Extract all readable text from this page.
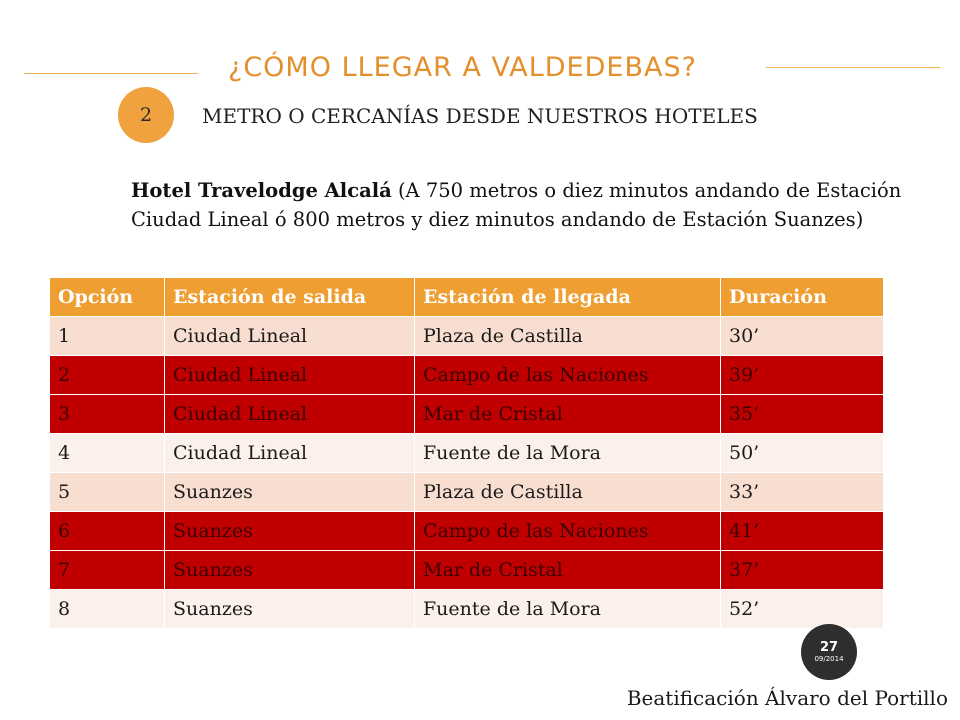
¿CÓMO LLEGAR A VALDEDEBAS?
2	METRO O CERCANÍAS DESDE NUESTROS HOTELES
Hotel Travelodge Alcalá (A 750 metros o diez minutos andando de Estación Ciudad Lineal ó 800 metros y diez minutos andando de Estación Suanzes)
Opción	Estación de salida	Estación de llegada	Duración
1	Ciudad Lineal	Plaza de Castilla	30’
2	Ciudad Lineal	Campo de las Naciones	39’
3	Ciudad Lineal	Mar de Cristal	35’
4	Ciudad Lineal	Fuente de la Mora	50’
5	Suanzes	Plaza de Castilla	33’
6	Suanzes	Campo de las Naciones	41’
7	Suanzes	Mar de Cristal	37’
8	Suanzes	Fuente de la Mora	52’
27
09/2014
Beatificación Álvaro del Portillo
